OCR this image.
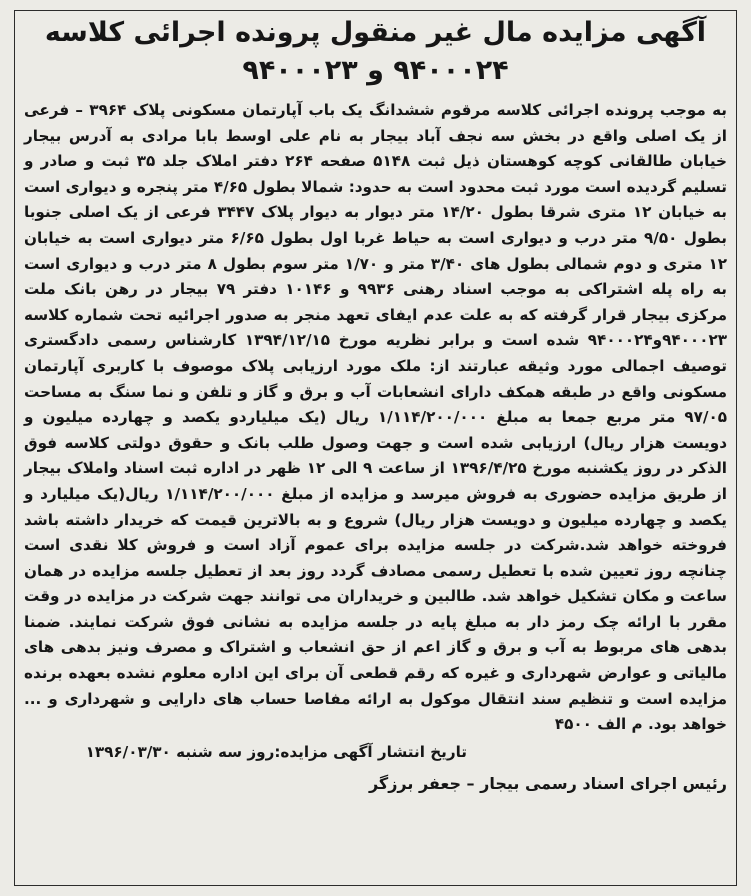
آگهی مزایده مال غیر منقول پرونده اجرائی کلاسه ۹۴۰۰۰۲۴ و ۹۴۰۰۰۲۳

به موجب پرونده اجرائی کلاسه مرقوم ششدانگ یک باب آپارتمان مسکونی پلاک ۳۹۶۴ – فرعی از یک اصلی واقع در بخش سه نجف آباد بیجار به نام علی اوسط بابا مرادی به آدرس بیجار خیابان طالقانی کوچه کوهستان ذیل ثبت ۵۱۴۸ صفحه ۲۶۴ دفتر املاک جلد ۳۵ ثبت و صادر و تسلیم گردیده است مورد ثبت محدود است به حدود: شمالا بطول ۴/۶۵ متر پنجره و دیواری است به خیابان ۱۲ متری شرقا بطول ۱۴/۲۰ متر دیوار به دیوار پلاک ۳۴۴۷ فرعی از یک اصلی جنوبا بطول ۹/۵۰ متر درب و دیواری است به حیاط غربا اول بطول ۶/۶۵ متر دیواری است به خیابان ۱۲ متری و دوم شمالی بطول های ۳/۴۰ متر و ۱/۷۰ متر سوم بطول ۸ متر درب و دیواری است به راه پله اشتراکی به موجب اسناد رهنی ۹۹۳۶ و ۱۰۱۴۶ دفتر ۷۹ بیجار در رهن بانک ملت مرکزی بیجار قرار گرفته که به علت عدم ایفای تعهد منجر به صدور اجرائیه تحت شماره کلاسه ۹۴۰۰۰۲۳و۹۴۰۰۰۲۴ شده است و برابر نظریه مورخ ۱۳۹۴/۱۲/۱۵ کارشناس رسمی دادگستری توصیف اجمالی مورد وثیقه عبارتند از: ملک مورد ارزیابی پلاک موصوف با کاربری آپارتمان مسکونی واقع در طبقه همکف دارای انشعابات آب و برق و گاز و تلفن و نما سنگ به مساحت ۹۷/۰۵ متر مربع جمعا به مبلغ ۱/۱۱۴/۲۰۰/۰۰۰ ریال (یک میلیاردو یکصد و چهارده میلیون و دویست هزار ریال) ارزیابی شده است و جهت وصول طلب بانک و حقوق دولتی کلاسه فوق الذکر در روز یکشنبه مورخ ۱۳۹۶/۴/۲۵ از ساعت ۹ الی ۱۲ ظهر در اداره ثبت اسناد واملاک بیجار از طریق مزایده حضوری به فروش میرسد و مزایده از مبلغ ۱/۱۱۴/۲۰۰/۰۰۰ ریال(یک میلیارد و یکصد و چهارده میلیون و دویست هزار ریال) شروع و به بالاترین قیمت که خریدار داشته باشد فروخته خواهد شد.شرکت در جلسه مزایده برای عموم آزاد است و فروش کلا نقدی است چنانچه روز تعیین شده با تعطیل رسمی مصادف گردد روز بعد از تعطیل جلسه مزایده در همان ساعت و مکان تشکیل خواهد شد. طالبین و خریداران می توانند جهت شرکت در مزایده در وقت مقرر با ارائه چک رمز دار به مبلغ پایه در جلسه مزایده به نشانی فوق شرکت نمایند. ضمنا بدهی های مربوط به آب و برق و گاز اعم از حق انشعاب و اشتراک و مصرف ونیز بدهی های مالیاتی و عوارض شهرداری و غیره که رقم قطعی آن برای این اداره معلوم نشده بعهده برنده مزایده است و تنظیم سند انتقال موکول به ارائه مفاصا حساب های دارایی و شهرداری و ... خواهد بود. م الف ۴۵۰۰

تاریخ انتشار آگهی مزایده:روز سه شنبه ۱۳۹۶/۰۳/۳۰

رئیس اجرای اسناد رسمی بیجار – جعفر برزگر
